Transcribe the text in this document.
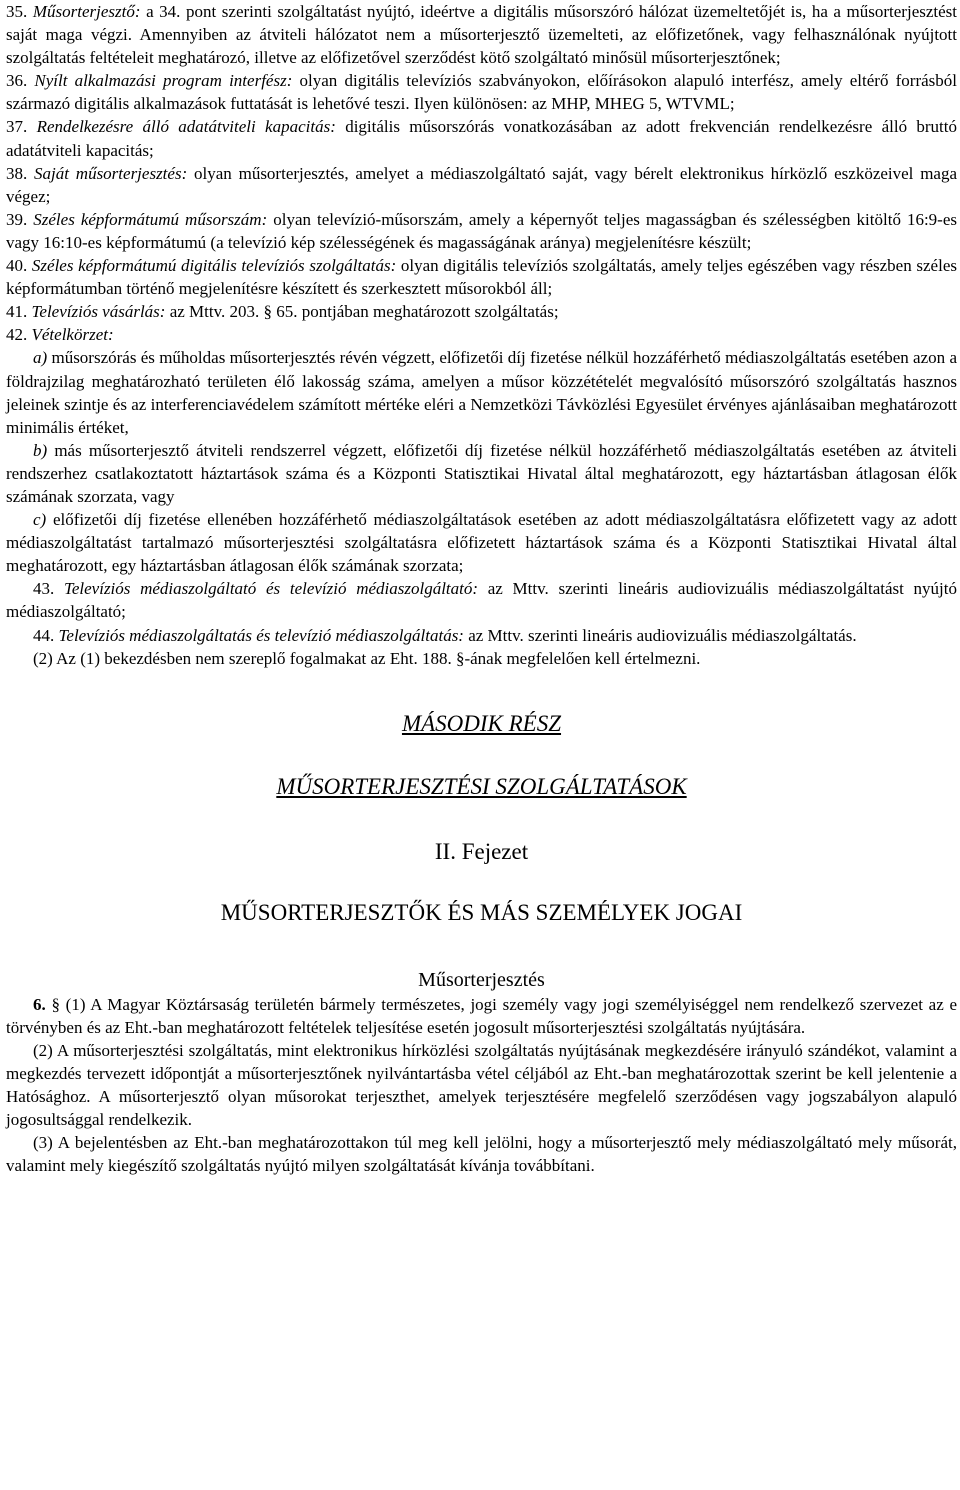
35. Műsorterjesztő: a 34. pont szerinti szolgáltatást nyújtó, ideértve a digitális műsorszóró hálózat üzemeltetőjét is, ha a műsorterjesztést saját maga végzi. Amennyiben az átviteli hálózatot nem a műsorterjesztő üzemelteti, az előfizetőnek, vagy felhasználónak nyújtott szolgáltatás feltételeit meghatározó, illetve az előfizetővel szerződést kötő szolgáltató minősül műsorterjesztőnek;

36. Nyílt alkalmazási program interfész: olyan digitális televíziós szabványokon, előírásokon alapuló interfész, amely eltérő forrásból származó digitális alkalmazások futtatását is lehetővé teszi. Ilyen különösen: az MHP, MHEG 5, WTVML;

37. Rendelkezésre álló adatátviteli kapacitás: digitális műsorszórás vonatkozásában az adott frekvencián rendelkezésre álló bruttó adatátviteli kapacitás;

38. Saját műsorterjesztés: olyan műsorterjesztés, amelyet a médiaszolgáltató saját, vagy bérelt elektronikus hírközlő eszközeivel maga végez;

39. Széles képformátumú műsorszám: olyan televízió-műsorszám, amely a képernyőt teljes magasságban és szélességben kitöltő 16:9-es vagy 16:10-es képformátumú (a televízió kép szélességének és magasságának aránya) megjelenítésre készült;

40. Széles képformátumú digitális televíziós szolgáltatás: olyan digitális televíziós szolgáltatás, amely teljes egészében vagy részben széles képformátumban történő megjelenítésre készített és szerkesztett műsorokból áll;

41. Televíziós vásárlás: az Mttv. 203. § 65. pontjában meghatározott szolgáltatás;

42. Vételkörzet:

a) műsorszórás és műholdas műsorterjesztés révén végzett, előfizetői díj fizetése nélkül hozzáférhető médiaszolgáltatás esetében azon a földrajzilag meghatározható területen élő lakosság száma, amelyen a műsor közzétételét megvalósító műsorszóró szolgáltatás hasznos jeleinek szintje és az interferenciavédelem számított mértéke eléri a Nemzetközi Távközlési Egyesület érvényes ajánlásaiban meghatározott minimális értéket,

b) más műsorterjesztő átviteli rendszerrel végzett, előfizetői díj fizetése nélkül hozzáférhető médiaszolgáltatás esetében az átviteli rendszerhez csatlakoztatott háztartások száma és a Központi Statisztikai Hivatal által meghatározott, egy háztartásban átlagosan élők számának szorzata, vagy

c) előfizetői díj fizetése ellenében hozzáférhető médiaszolgáltatások esetében az adott médiaszolgáltatásra előfizetett vagy az adott médiaszolgáltatást tartalmazó műsorterjesztési szolgáltatásra előfizetett háztartások száma és a Központi Statisztikai Hivatal által meghatározott, egy háztartásban átlagosan élők számának szorzata;

43. Televíziós médiaszolgáltató és televízió médiaszolgáltató: az Mttv. szerinti lineáris audiovizuális médiaszolgáltatást nyújtó médiaszolgáltató;

44. Televíziós médiaszolgáltatás és televízió médiaszolgáltatás: az Mttv. szerinti lineáris audiovizuális médiaszolgáltatás.

(2) Az (1) bekezdésben nem szereplő fogalmakat az Eht. 188. §-ának megfelelően kell értelmezni.

MÁSODIK RÉSZ
MŰSORTERJESZTÉSI SZOLGÁLTATÁSOK
II. Fejezet
MŰSORTERJESZTŐK ÉS MÁS SZEMÉLYEK JOGAI
Műsorterjesztés

6. § (1) A Magyar Köztársaság területén bármely természetes, jogi személy vagy jogi személyiséggel nem rendelkező szervezet az e törvényben és az Eht.-ban meghatározott feltételek teljesítése esetén jogosult műsorterjesztési szolgáltatás nyújtására.

(2) A műsorterjesztési szolgáltatás, mint elektronikus hírközlési szolgáltatás nyújtásának megkezdésére irányuló szándékot, valamint a megkezdés tervezett időpontját a műsorterjesztőnek nyilvántartásba vétel céljából az Eht.-ban meghatározottak szerint be kell jelentenie a Hatósághoz. A műsorterjesztő olyan műsorokat terjeszthet, amelyek terjesztésére megfelelő szerződésen vagy jogszabályon alapuló jogosultsággal rendelkezik.

(3) A bejelentésben az Eht.-ban meghatározottakon túl meg kell jelölni, hogy a műsorterjesztő mely médiaszolgáltató mely műsorát, valamint mely kiegészítő szolgáltatás nyújtó milyen szolgáltatását kívánja továbbítani.
